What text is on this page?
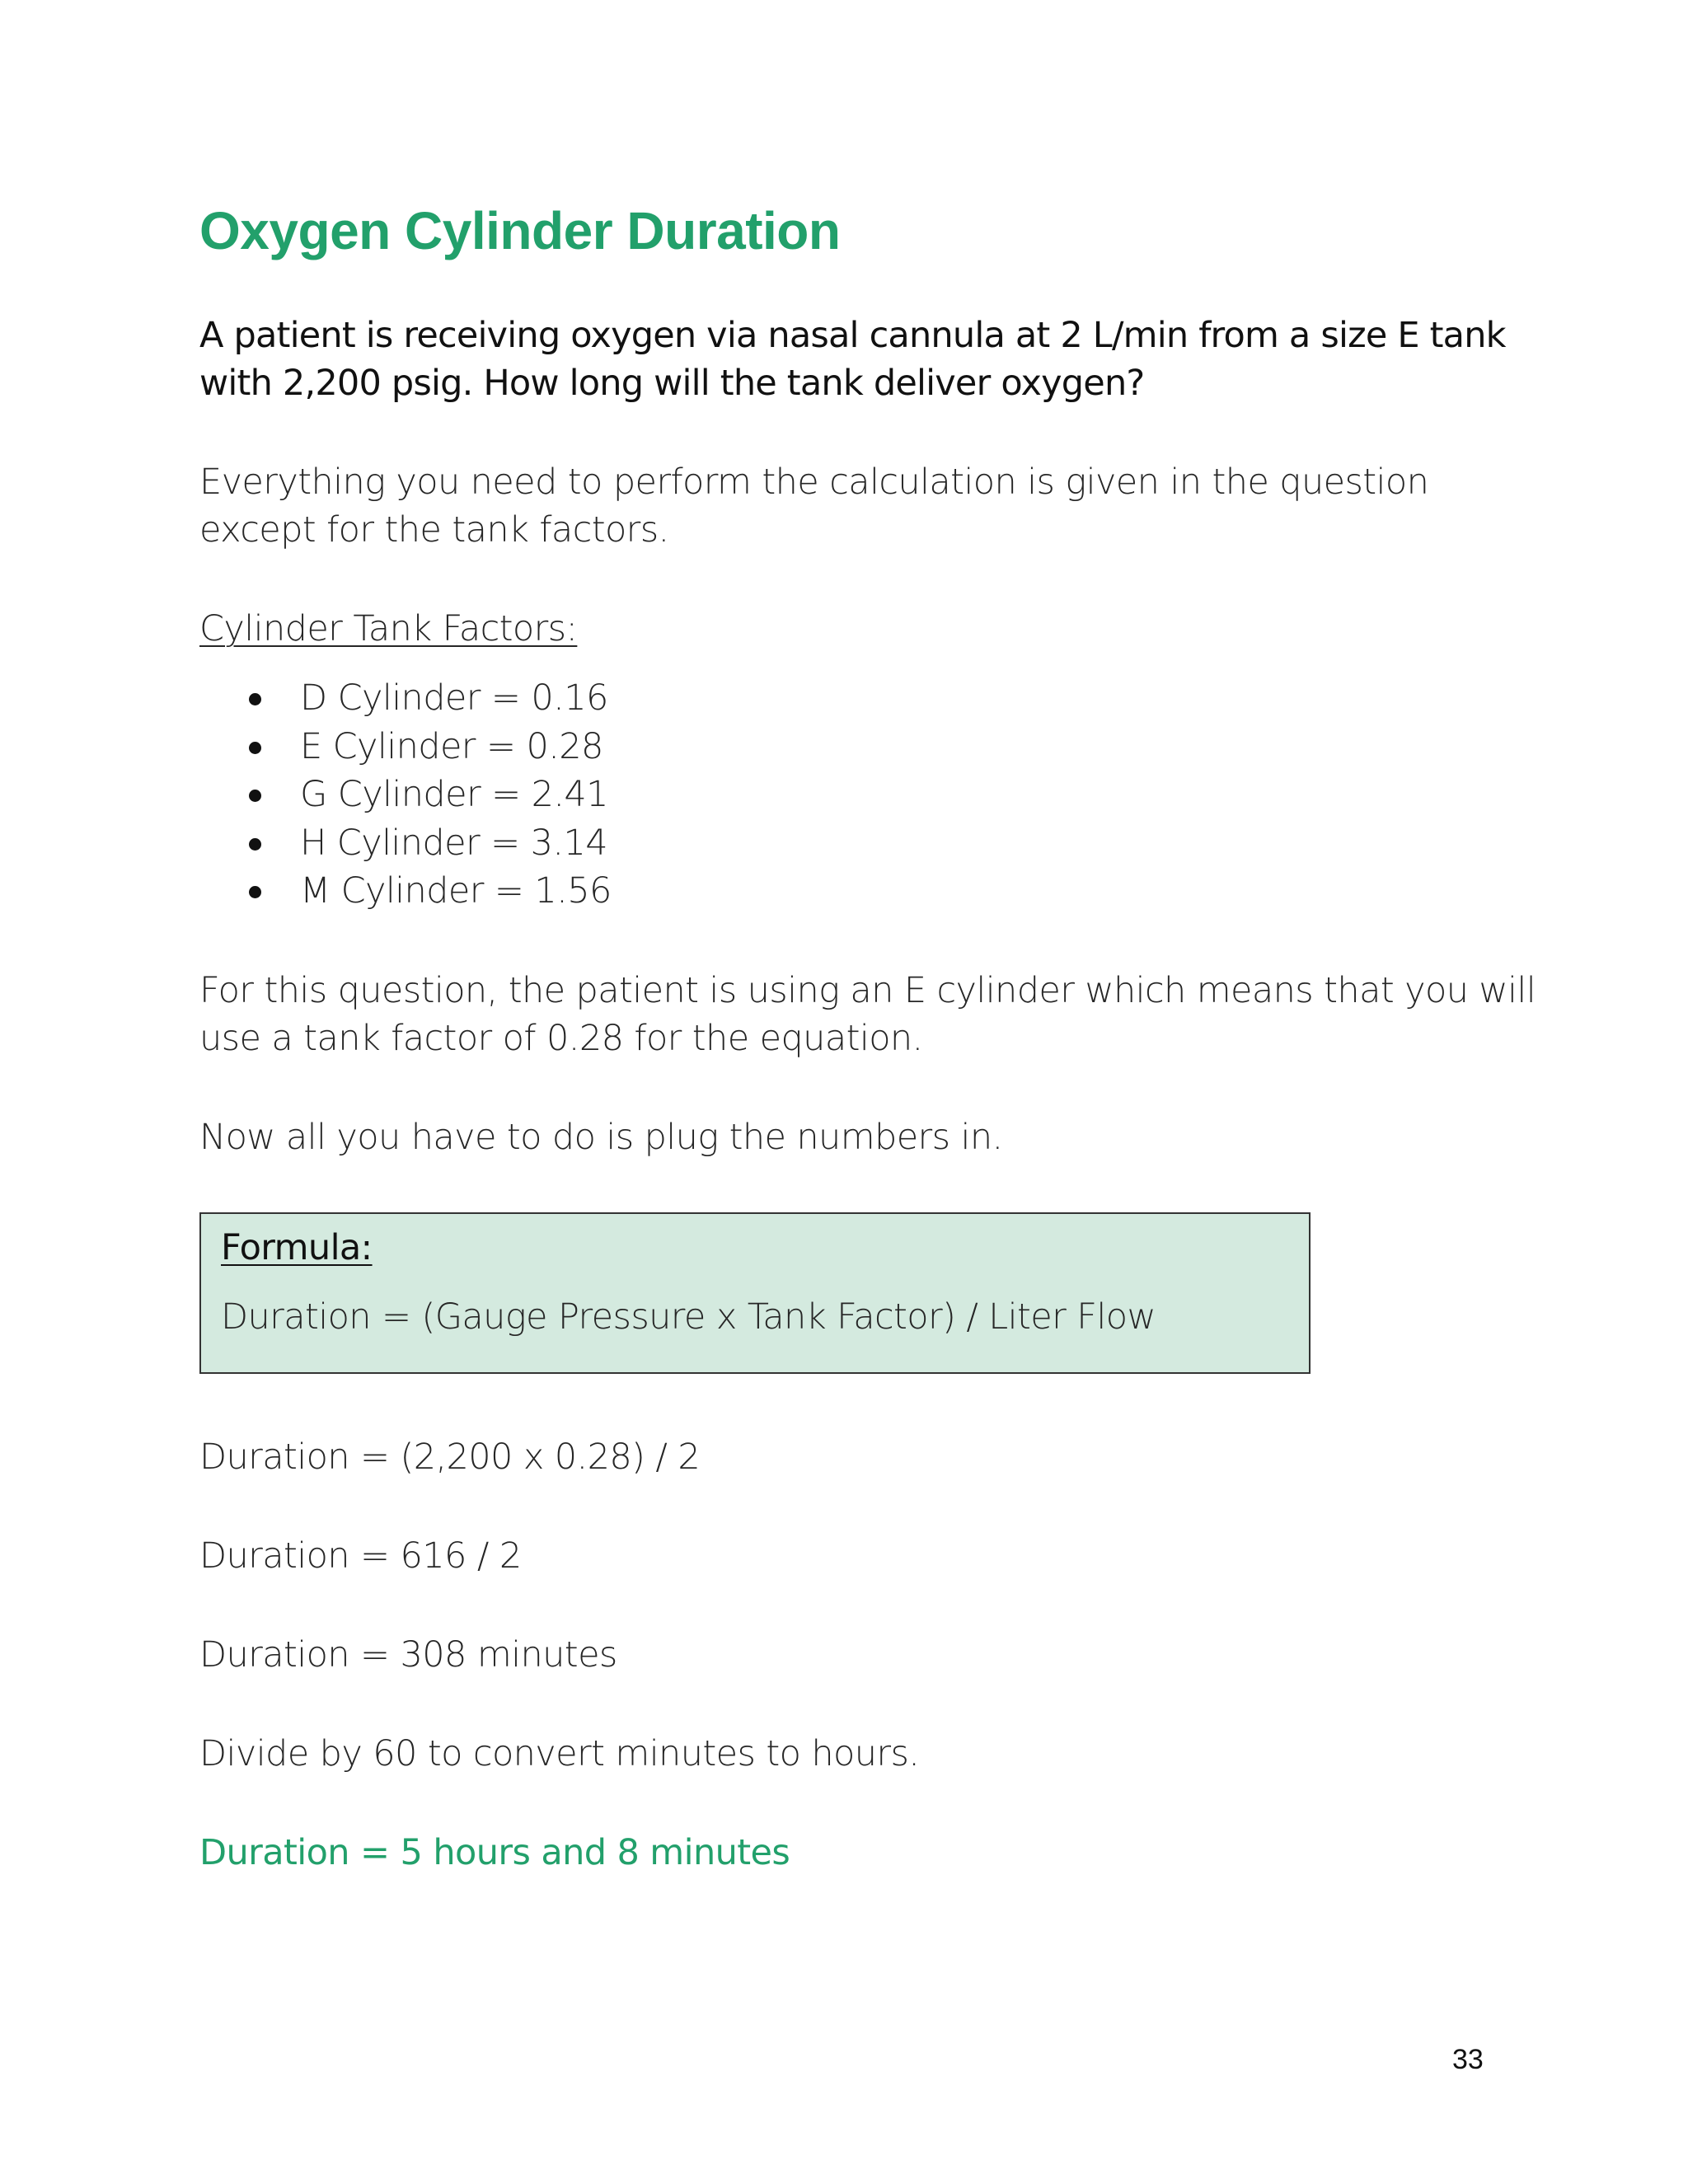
Oxygen Cylinder Duration

A patient is receiving oxygen via nasal cannula at 2 L/min from a size E tank with 2,200 psig. How long will the tank deliver oxygen?

Everything you need to perform the calculation is given in the question except for the tank factors.

Cylinder Tank Factors:

D Cylinder = 0.16
E Cylinder = 0.28
G Cylinder = 2.41
H Cylinder = 3.14
M Cylinder = 1.56

For this question, the patient is using an E cylinder which means that you will use a tank factor of 0.28 for the equation.

Now all you have to do is plug the numbers in.

Formula:
Duration = (Gauge Pressure x Tank Factor) / Liter Flow

Duration = (2,200 x 0.28) / 2

Duration = 616 / 2

Duration = 308 minutes

Divide by 60 to convert minutes to hours.

Duration = 5 hours and 8 minutes

33
